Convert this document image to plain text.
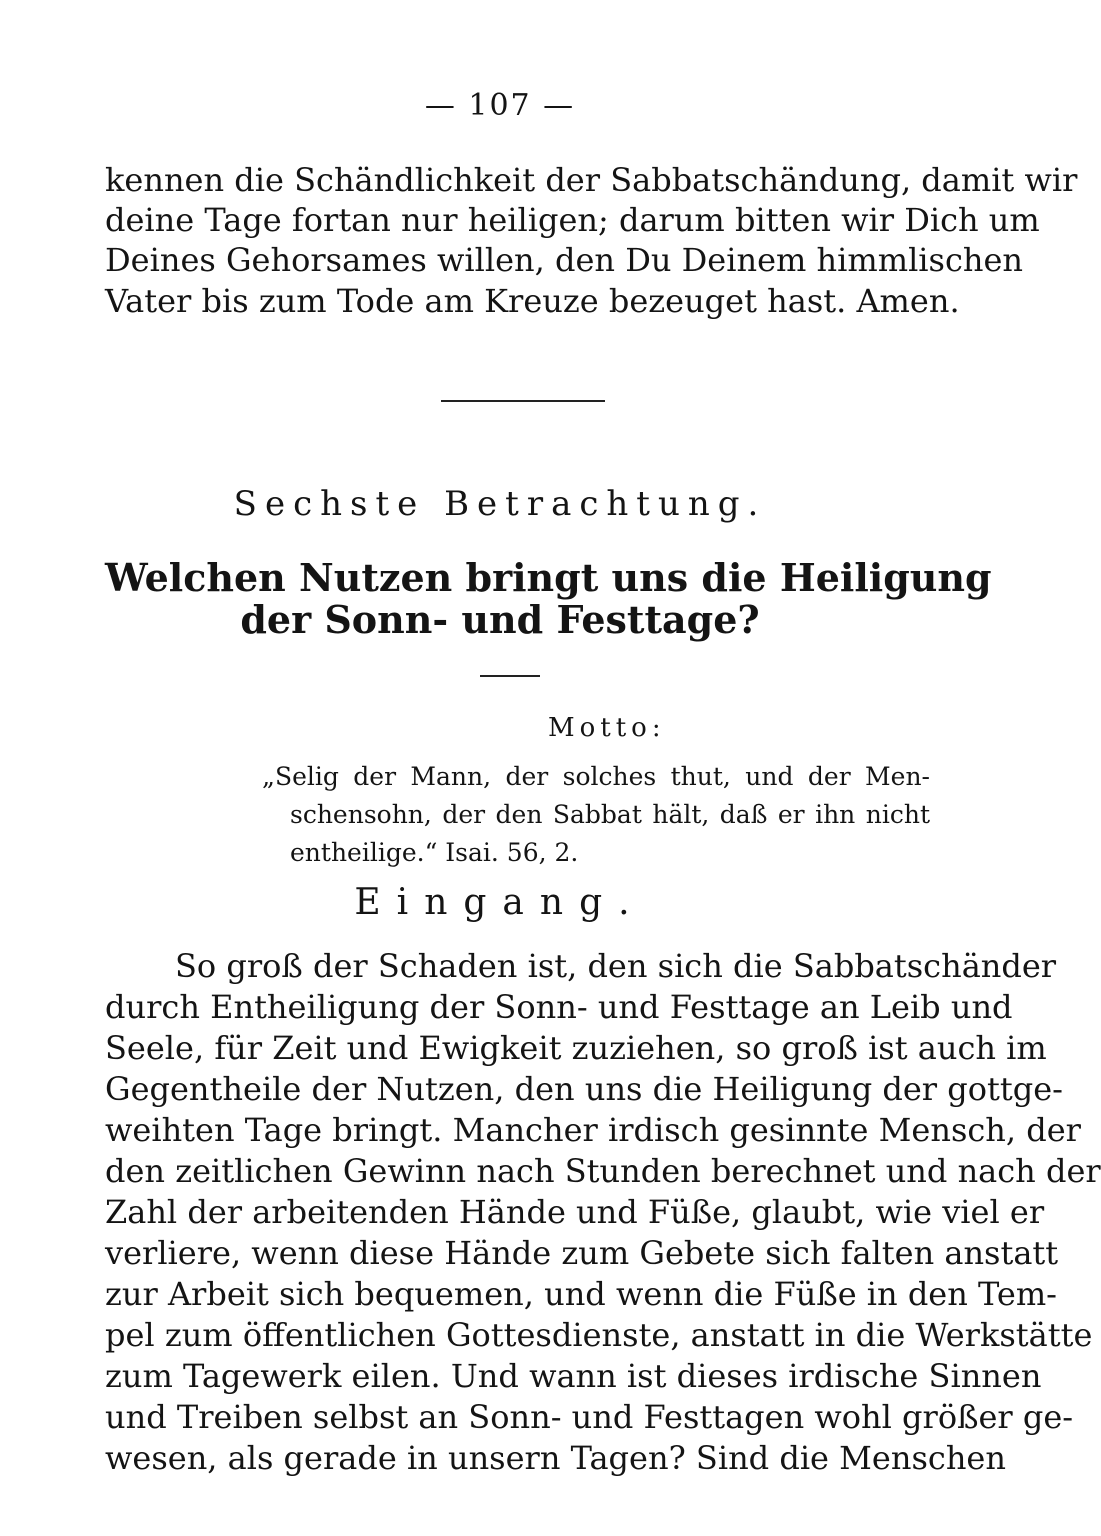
— 107 —
kennen die Schändlichkeit der Sabbatschändung, damit wir
deine Tage fortan nur heiligen; darum bitten wir Dich um
Deines Gehorsames willen, den Du Deinem himmlischen
Vater bis zum Tode am Kreuze bezeuget hast. Amen.
Sechste Betrachtung.
Welchen Nutzen bringt uns die Heiligung
der Sonn- und Festtage?
Motto:
„Selig der Mann, der solches thut, und der Men-
schensohn, der den Sabbat hält, daß er ihn nicht
entheilige.“ Isai. 56, 2.
Eingang.
So groß der Schaden ist, den sich die Sabbatschänder
durch Entheiligung der Sonn- und Festtage an Leib und
Seele, für Zeit und Ewigkeit zuziehen, so groß ist auch im
Gegentheile der Nutzen, den uns die Heiligung der gottge-
weihten Tage bringt. Mancher irdisch gesinnte Mensch, der
den zeitlichen Gewinn nach Stunden berechnet und nach der
Zahl der arbeitenden Hände und Füße, glaubt, wie viel er
verliere, wenn diese Hände zum Gebete sich falten anstatt
zur Arbeit sich bequemen, und wenn die Füße in den Tem-
pel zum öffentlichen Gottesdienste, anstatt in die Werkstätte
zum Tagewerk eilen. Und wann ist dieses irdische Sinnen
und Treiben selbst an Sonn- und Festtagen wohl größer ge-
wesen, als gerade in unsern Tagen? Sind die Menschen
